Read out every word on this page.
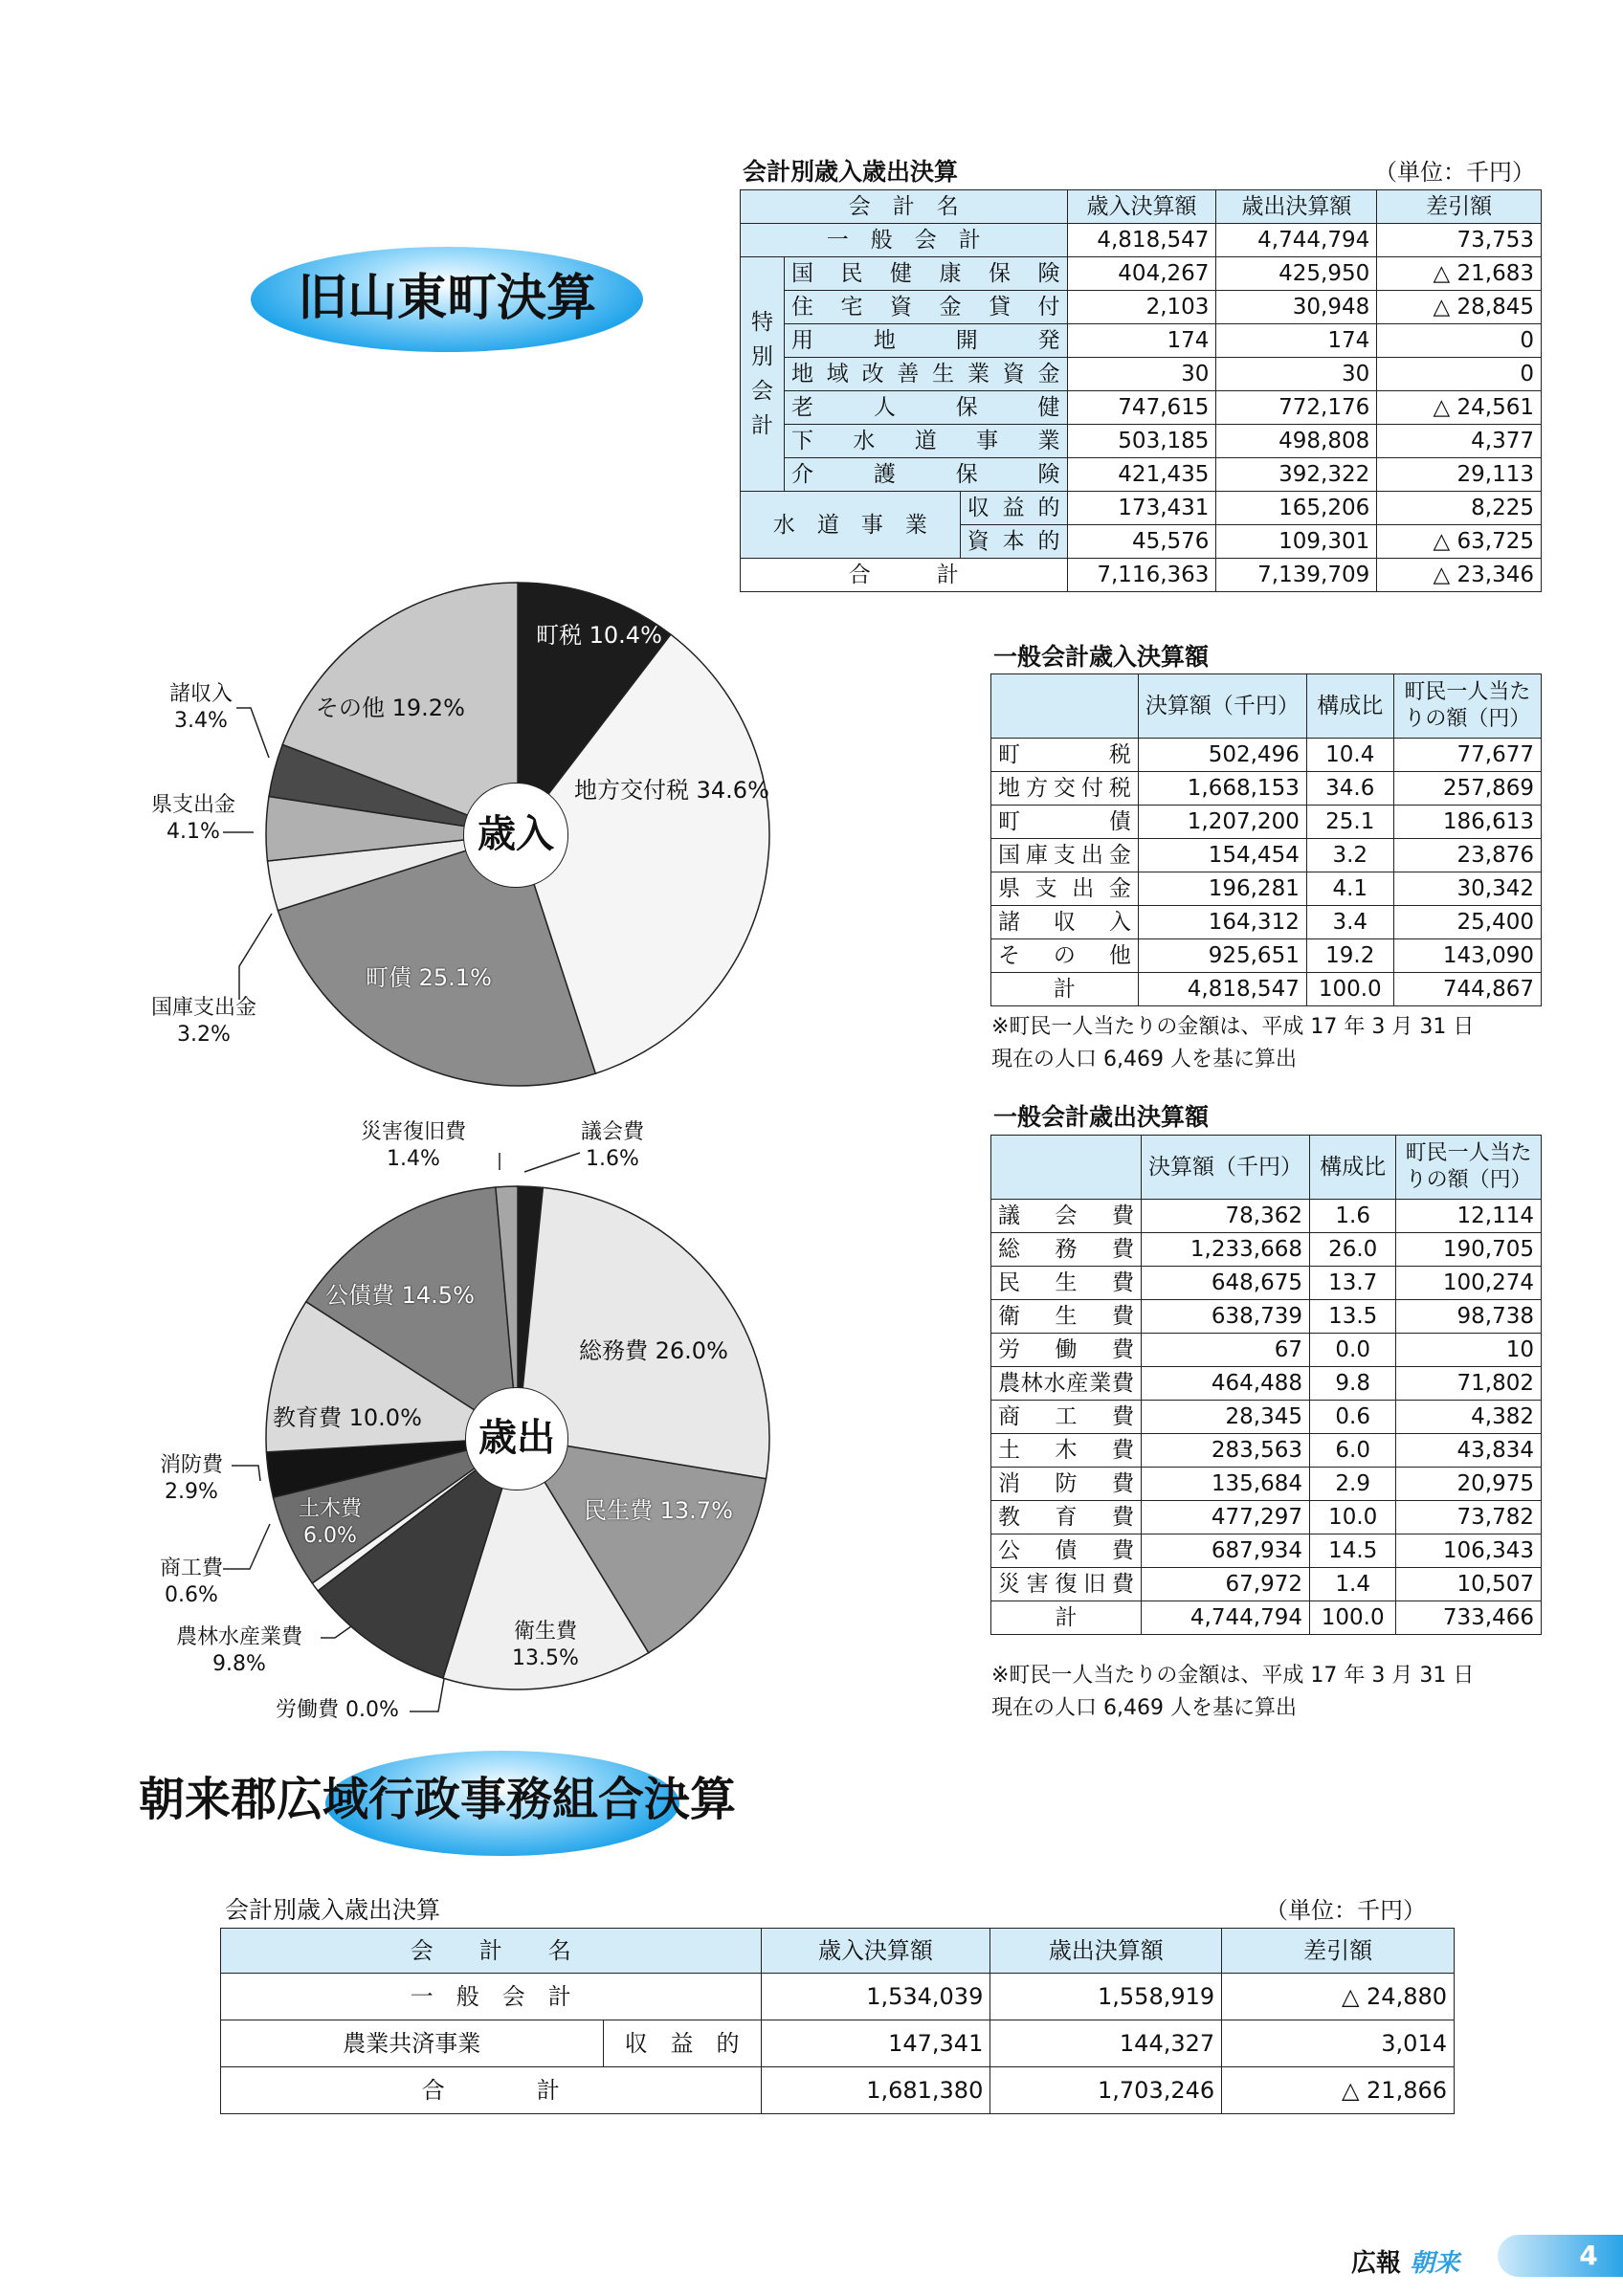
旧山東町決算
会計別歳入歳出決算	（単位：千円）
会　計　名			歳入決算額	歳出決算額	差引額
一　般　会　計			4,818,547	4,744,794	73,753
特
別
会
計	国民健康保険		404,267	425,950	△ 21,683
	住宅資金貸付		2,103	30,948	△ 28,845
	用地開発		174	174	0
	地域改善生業資金		30	30	0
	老人保健		747,615	772,176	△ 24,561
	下水道事業		503,185	498,808	4,377
	介護保険		421,435	392,322	29,113
水　道　事　業		収益的	173,431	165,206	8,225
		資本的	45,576	109,301	△ 63,725
合　　　計			7,116,363	7,139,709	△ 23,346
その他 19.2%
町税 10.4%
地方交付税 34.6%
町債 25.1%
諸収入
3.4%
県支出金
4.1%
国庫支出金
3.2%
歳入
災害復旧費
1.4%
議会費
1.6%
公債費 14.5%
総務費 26.0%
教育費 10.0%
民生費 13.7%
土木費
6.0%
衛生費
13.5%
消防費
2.9%
商工費
0.6%
農林水産業費
9.8%
労働費 0.0%
歳出
一般会計歳入決算額
	決算額（千円）	構成比	町民一人当たりの額（円）
町税	502,496	10.4	77,677
地方交付税	1,668,153	34.6	257,869
町債	1,207,200	25.1	186,613
国庫支出金	154,454	3.2	23,876
県支出金	196,281	4.1	30,342
諸収入	164,312	3.4	25,400
その他	925,651	19.2	143,090
計	4,818,547	100.0	744,867
※町民一人当たりの金額は、平成 17 年 3 月 31 日
現在の人口 6,469 人を基に算出
一般会計歳出決算額
	決算額（千円）	構成比	町民一人当たりの額（円）
議会費	78,362	1.6	12,114
総務費	1,233,668	26.0	190,705
民生費	648,675	13.7	100,274
衛生費	638,739	13.5	98,738
労働費	67	0.0	10
農林水産業費	464,488	9.8	71,802
商工費	28,345	0.6	4,382
土木費	283,563	6.0	43,834
消防費	135,684	2.9	20,975
教育費	477,297	10.0	73,782
公債費	687,934	14.5	106,343
災害復旧費	67,972	1.4	10,507
計	4,744,794	100.0	733,466
※町民一人当たりの金額は、平成 17 年 3 月 31 日
現在の人口 6,469 人を基に算出
朝来郡広域行政事務組合決算
会計別歳入歳出決算	（単位：千円）
会　　計　　名		歳入決算額	歳出決算額	差引額
一　般　会　計		1,534,039	1,558,919	△ 24,880
農業共済事業	収　益　的	147,341	144,327	3,014
合　　　　計		1,681,380	1,703,246	△ 21,866
広報 朝来	4
